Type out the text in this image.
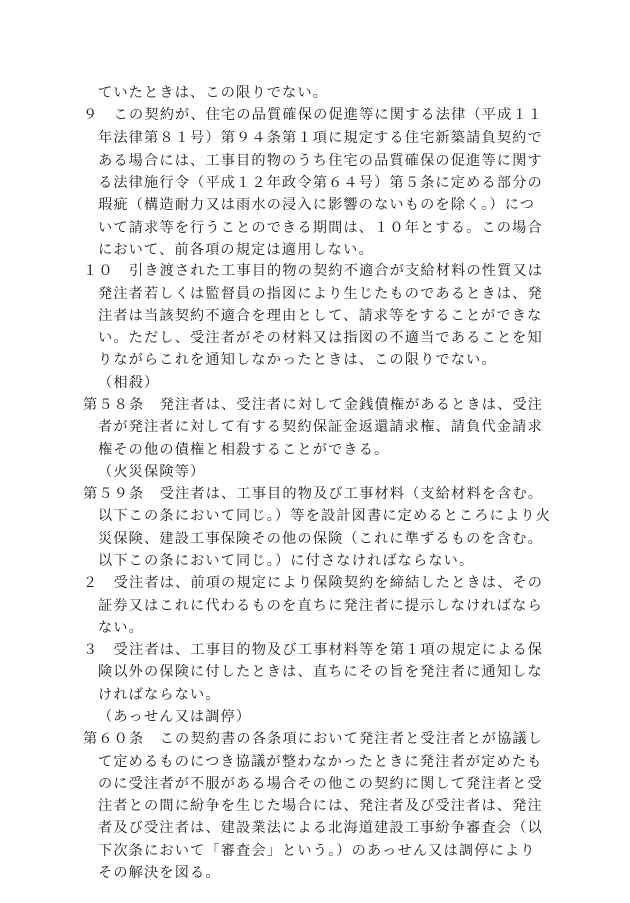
ていたときは、この限りでない。
９　この契約が、住宅の品質確保の促進等に関する法律（平成１１
年法律第８１号）第９４条第１項に規定する住宅新築請負契約で
ある場合には、工事目的物のうち住宅の品質確保の促進等に関す
る法律施行令（平成１２年政令第６４号）第５条に定める部分の
瑕疵（構造耐力又は雨水の浸入に影響のないものを除く。）につ
いて請求等を行うことのできる期間は、１０年とする。この場合
において、前各項の規定は適用しない。
１０　引き渡された工事目的物の契約不適合が支給材料の性質又は
発注者若しくは監督員の指図により生じたものであるときは、発
注者は当該契約不適合を理由として、請求等をすることができな
い。ただし、受注者がその材料又は指図の不適当であることを知
りながらこれを通知しなかったときは、この限りでない。
（相殺）
第５８条　発注者は、受注者に対して金銭債権があるときは、受注
者が発注者に対して有する契約保証金返還請求権、請負代金請求
権その他の債権と相殺することができる。
（火災保険等）
第５９条　受注者は、工事目的物及び工事材料（支給材料を含む。
以下この条において同じ。）等を設計図書に定めるところにより火
災保険、建設工事保険その他の保険（これに準ずるものを含む。
以下この条において同じ。）に付さなければならない。
２　受注者は、前項の規定により保険契約を締結したときは、その
証券又はこれに代わるものを直ちに発注者に提示しなければなら
ない。
３　受注者は、工事目的物及び工事材料等を第１項の規定による保
険以外の保険に付したときは、直ちにその旨を発注者に通知しな
ければならない。
（あっせん又は調停）
第６０条　この契約書の各条項において発注者と受注者とが協議し
て定めるものにつき協議が整わなかったときに発注者が定めたも
のに受注者が不服がある場合その他この契約に関して発注者と受
注者との間に紛争を生じた場合には、発注者及び受注者は、発注
者及び受注者は、建設業法による北海道建設工事紛争審査会（以
下次条において「審査会」という。）のあっせん又は調停により
その解決を図る。
